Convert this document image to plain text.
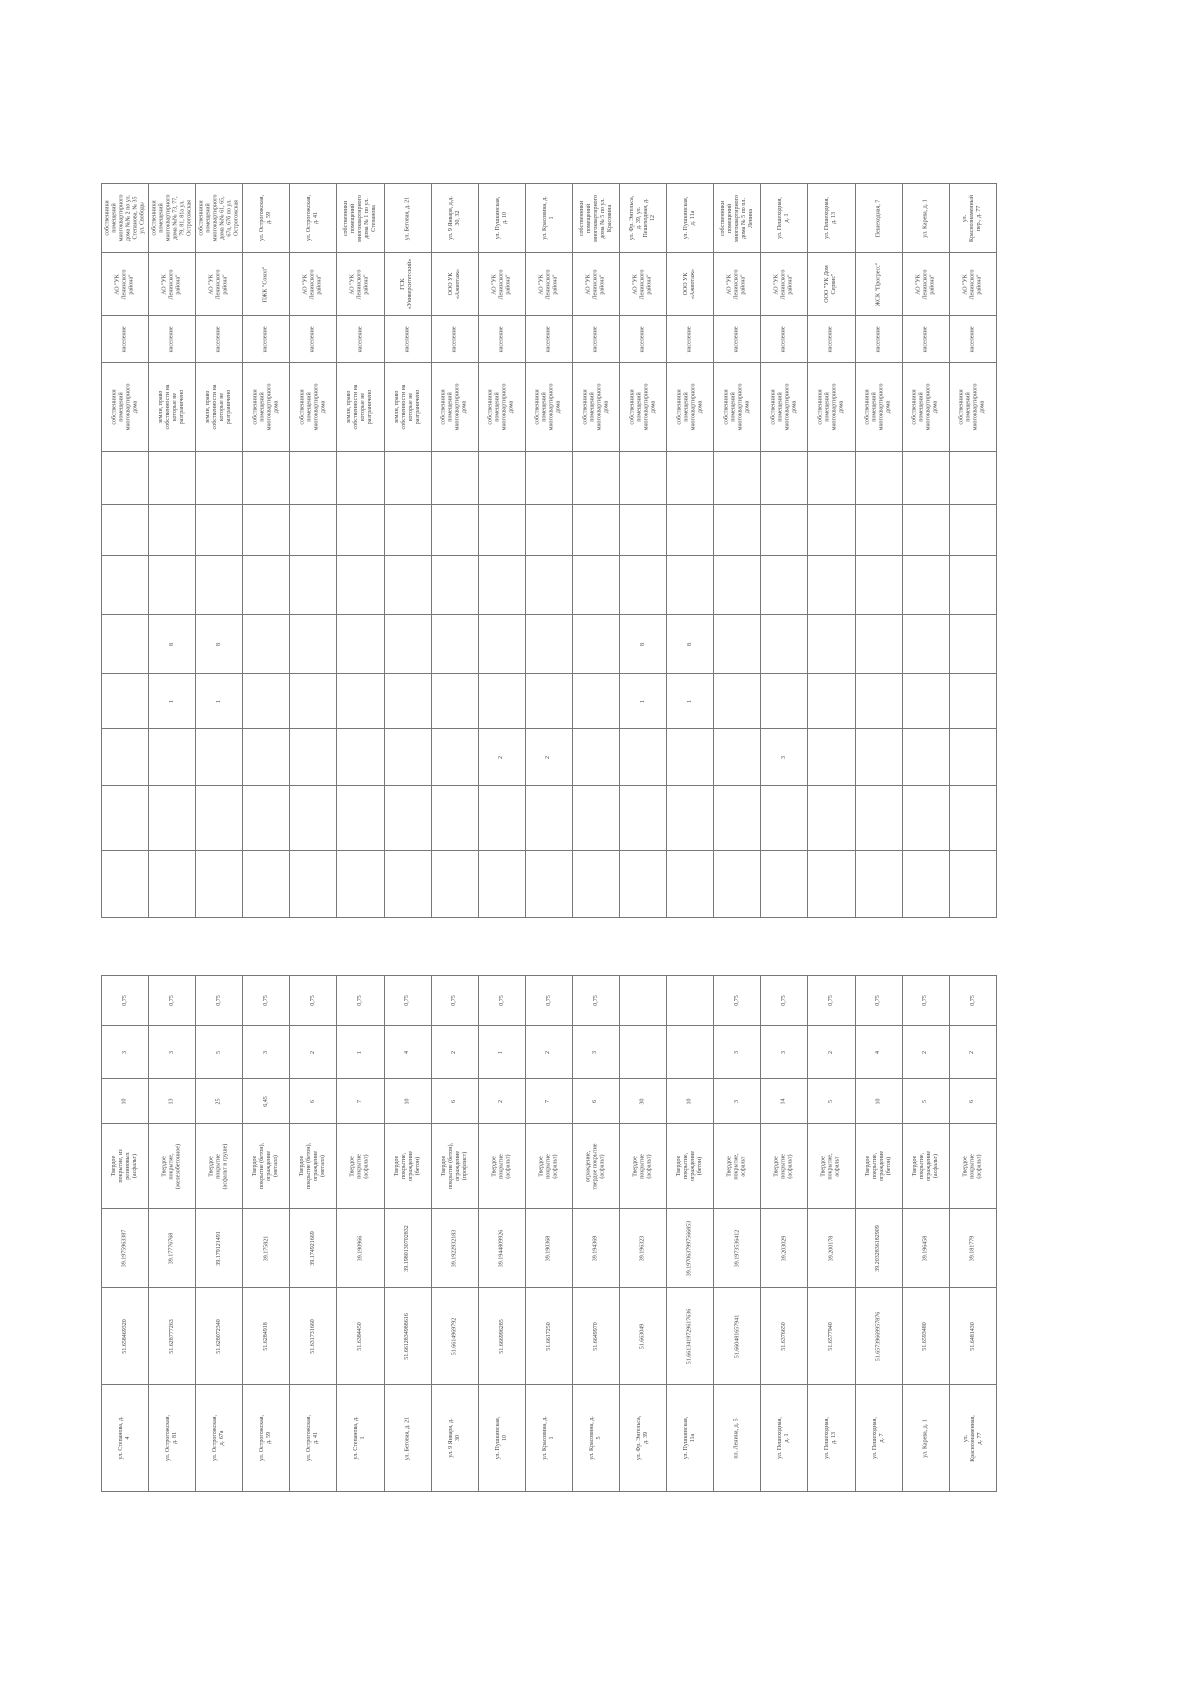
собственники помещений многоквартирного дома №№ 2 по ул. Степанова, № 35 ул. Свободы	собственники помещений многоквартирного дома №№ 73, 77, 79, 81, 81а ул. Острогожская	собственники помещений многоквартирного дома №№ 61, 65, 67а, 67б по ул. Острогожская	ул. Острогожская, д. 59	ул. Острогожская, д. 41	собственники помещений многоквартирного дома № 1 по ул. Степанова	ул. Беговая, д. 21	ул. 9 Января, д.д. 30, 32	ул. Пушкинская, д. 10	ул. Красовина, д. 1	собственники помещений многоквартирного дома № 5 по ул. Красовина	ул. Фр. Энгельса, д. 39, ул. Пешеходная, д. 12	ул. Пушкинская, д. 11а	собственники помещений многоквартирного дома № 5 по пл. Ленина	ул. Пешеходная, д. 1	ул. Пешеходная, д. 13	Пешеходная, 7	ул. Карева, д. 1	ул. Краснознаменный пер., д. 77

АО "УК Ленинского района"	АО "УК Ленинского района"	АО "УК Ленинского района"	ПЖК "Сокол"	АО "УК Ленинского района"	АО "УК Ленинского района"	ГСК «Университетский»	ООО УК «Ажиотаж»	АО "УК Ленинского района"	АО "УК Ленинского района"	АО "УК Ленинского района"	АО "УК Ленинского района"	ООО УК «Ажиотаж»	АО "УК Ленинского района"	АО "УК Ленинского района"	ООО "УК Дом Сервис"	ЖСК "Прогресс"	АО "УК Ленинского района"	АО "УК Ленинского района"

население	население	население	население	население	население	население	население	население	население	население	население	население	население	население	население	население	население	население

собственники помещений многоквартирного дома	земли, право собственности на которые не разграничено	земли, право собственности на которые не разграничено	собственники помещений многоквартирного дома	собственники помещений многоквартирного дома	земли, право собственности на которые не разграничено	земли, право собственности на которые не разграничено	собственники помещений многоквартирного дома	собственники помещений многоквартирного дома	собственники помещений многоквартирного дома	собственники помещений многоквартирного дома	собственники помещений многоквартирного дома	собственники помещений многоквартирного дома	собственники помещений многоквартирного дома	собственники помещений многоквартирного дома	собственники помещений многоквартирного дома	собственники помещений многоквартирного дома	собственники помещений многоквартирного дома	собственники помещений многоквартирного дома

	8	8									8	8						

	1	1									1	1						

								2	2					3				

0,75	0,75	0,75	0,75	0,75	0,75	0,75	0,75	0,75	0,75	0,75			0,75	0,75	0,75	0,75	0,75	0,75

3	3	5	3	2	1	4	2	1	2	3			3	3	2	4	2	2

10	13	25	6,45	6	7	10	6	2	7	6	30	10	3	14	5	10	5	6

Твердое покрытие, из резиновых (асфальт)	Твердое покрытие, (железобетонное)	Твердое покрытие (асфальт в груше)	Твердое покрытие (бетон), ограждение (металл)	Твердое покрытие (бетон), ограждение (металл)	Твердое покрытие (асфальт)	Твердое покрытие, ограждение (бетон)	Твердое покрытие (бетон), ограждение (профлист)	Твердое покрытие (асфальт)	Твердое покрытие (асфальт)	ограждение, твердое покрытие (асфальт)	Твердое покрытие (асфальт)	Твердое покрытие, ограждение (бетон)	Твердое покрытие, асфальт	Твердое покрытие (асфальт)	Твердое покрытие, асфальт	Твердое покрытие, ограждение (бетон)	Твердое покрытие, ограждение (асфальт)	Твердое покрытие (асфальт)

39.1975963387	39.17776768	39.179121491	39.175821	39.174921669	39.190966	39.1980130702832	39.1922932183	39.1944809926	39.190368	39.194369	39.196323	39.1970637997566853	39.1973536412	39.203029	39.200178	39.2032836182909	39.196458	39.181779

51.658469320	51.628777263	51.628072340	51.6284918	51.631731660	51.6384450	51.6612834988616	51.6614969792	51.666996285	51.6617250	51.6649970	51.663049	51.6613419729617636	51.660481657941	51.6376650	51.6577940	51.65739669957876	51.6593480	51.6481430

ул. Степанова, д. 4	ул. Острогожская, д. 81	ул. Острогожская, д. 67а	ул. Острогожская, д. 59	ул. Острогожская, д. 41	ул. Степанова, д. 1	ул. Беговая, д. 21	ул. 9 Января, д. 30	ул. Пушкинская, 10	ул. Красовина, д. 1	ул. Красовина, д. 5	ул. Фр. Энгельса, д. 39	ул. Пушкинская, 11а	пл. Ленина, д. 5	ул. Пешеходная, д. 1	ул. Пешеходная, д. 13	ул. Пешеходная, д. 7	ул. Карева, д. 1	ул. Краснознаменная, д. 77
